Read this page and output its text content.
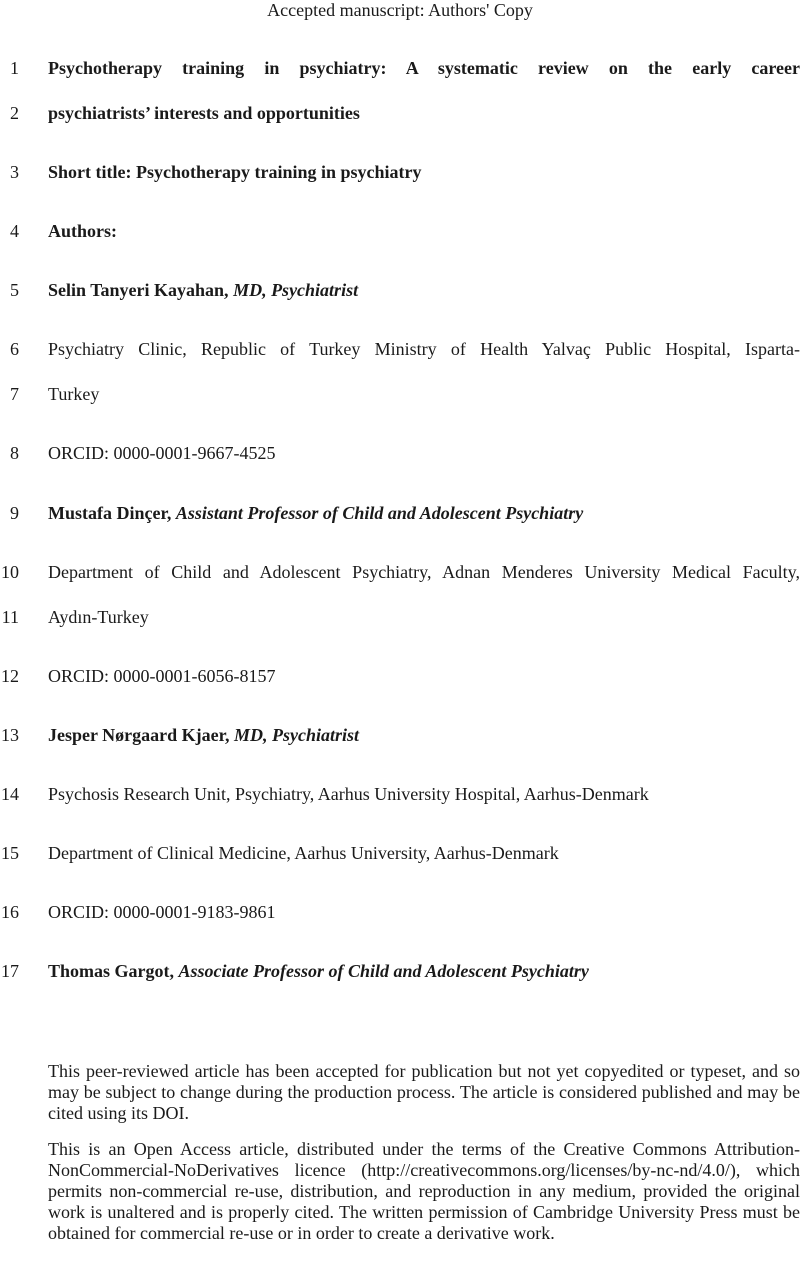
Accepted manuscript: Authors' Copy
1 Psychotherapy training in psychiatry: A systematic review on the early career
2 psychiatrists’ interests and opportunities
3 Short title: Psychotherapy training in psychiatry
4 Authors:
5 Selin Tanyeri Kayahan, MD, Psychiatrist
6 Psychiatry Clinic, Republic of Turkey Ministry of Health Yalvaç Public Hospital, Isparta-
7 Turkey
8 ORCID: 0000-0001-9667-4525
9 Mustafa Dinçer, Assistant Professor of Child and Adolescent Psychiatry
10 Department of Child and Adolescent Psychiatry, Adnan Menderes University Medical Faculty,
11 Aydın-Turkey
12 ORCID: 0000-0001-6056-8157
13 Jesper Nørgaard Kjaer, MD, Psychiatrist
14 Psychosis Research Unit, Psychiatry, Aarhus University Hospital, Aarhus-Denmark
15 Department of Clinical Medicine, Aarhus University, Aarhus-Denmark
16 ORCID: 0000-0001-9183-9861
17 Thomas Gargot, Associate Professor of Child and Adolescent Psychiatry

This peer-reviewed article has been accepted for publication but not yet copyedited or typeset, and so may be subject to change during the production process. The article is considered published and may be cited using its DOI.

This is an Open Access article, distributed under the terms of the Creative Commons Attribution-NonCommercial-NoDerivatives licence (http://creativecommons.org/licenses/by-nc-nd/4.0/), which permits non-commercial re-use, distribution, and reproduction in any medium, provided the original work is unaltered and is properly cited. The written permission of Cambridge University Press must be obtained for commercial re-use or in order to create a derivative work.
